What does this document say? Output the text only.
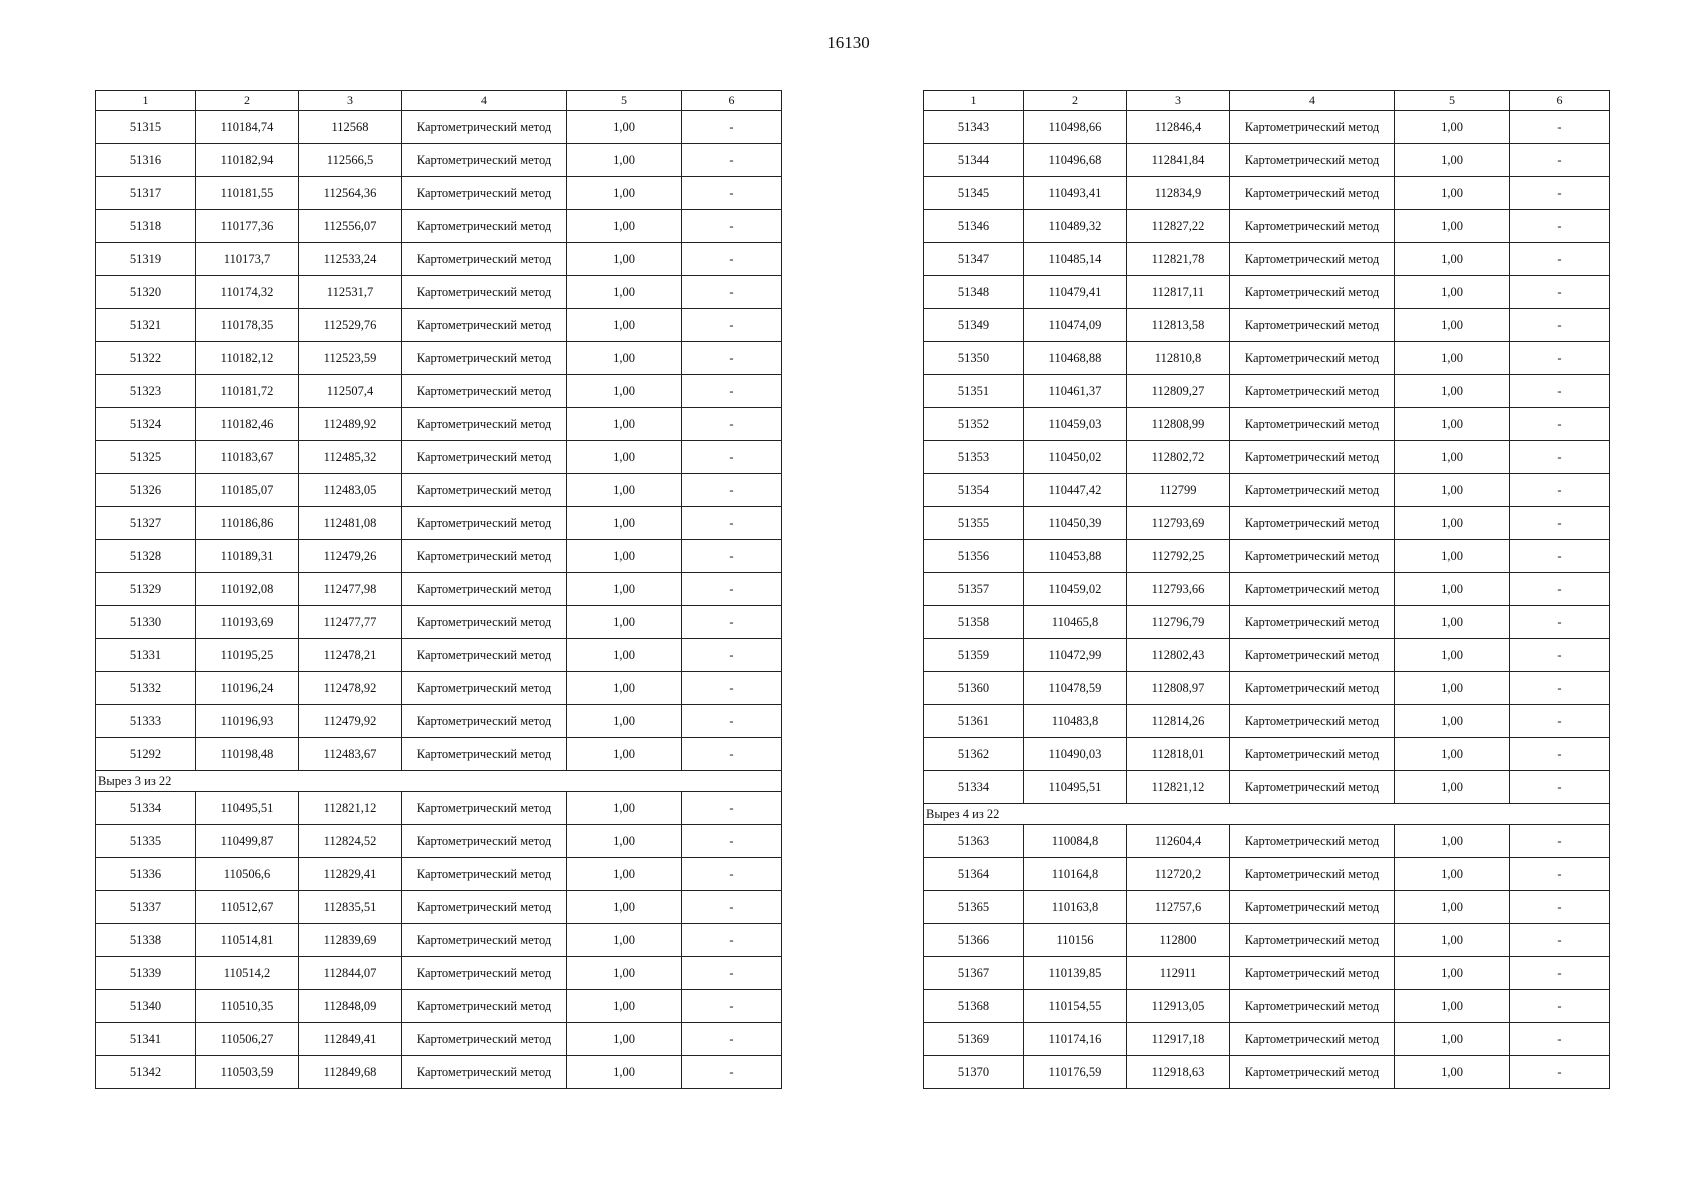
16130
1	2	3	4	5	6
51315	110184,74	112568	Картометрический метод	1,00	-
51316	110182,94	112566,5	Картометрический метод	1,00	-
51317	110181,55	112564,36	Картометрический метод	1,00	-
51318	110177,36	112556,07	Картометрический метод	1,00	-
51319	110173,7	112533,24	Картометрический метод	1,00	-
51320	110174,32	112531,7	Картометрический метод	1,00	-
51321	110178,35	112529,76	Картометрический метод	1,00	-
51322	110182,12	112523,59	Картометрический метод	1,00	-
51323	110181,72	112507,4	Картометрический метод	1,00	-
51324	110182,46	112489,92	Картометрический метод	1,00	-
51325	110183,67	112485,32	Картометрический метод	1,00	-
51326	110185,07	112483,05	Картометрический метод	1,00	-
51327	110186,86	112481,08	Картометрический метод	1,00	-
51328	110189,31	112479,26	Картометрический метод	1,00	-
51329	110192,08	112477,98	Картометрический метод	1,00	-
51330	110193,69	112477,77	Картометрический метод	1,00	-
51331	110195,25	112478,21	Картометрический метод	1,00	-
51332	110196,24	112478,92	Картометрический метод	1,00	-
51333	110196,93	112479,92	Картометрический метод	1,00	-
51292	110198,48	112483,67	Картометрический метод	1,00	-
Вырез 3 из 22					
51334	110495,51	112821,12	Картометрический метод	1,00	-
51335	110499,87	112824,52	Картометрический метод	1,00	-
51336	110506,6	112829,41	Картометрический метод	1,00	-
51337	110512,67	112835,51	Картометрический метод	1,00	-
51338	110514,81	112839,69	Картометрический метод	1,00	-
51339	110514,2	112844,07	Картометрический метод	1,00	-
51340	110510,35	112848,09	Картометрический метод	1,00	-
51341	110506,27	112849,41	Картометрический метод	1,00	-
51342	110503,59	112849,68	Картометрический метод	1,00	-
1	2	3	4	5	6
51343	110498,66	112846,4	Картометрический метод	1,00	-
51344	110496,68	112841,84	Картометрический метод	1,00	-
51345	110493,41	112834,9	Картометрический метод	1,00	-
51346	110489,32	112827,22	Картометрический метод	1,00	-
51347	110485,14	112821,78	Картометрический метод	1,00	-
51348	110479,41	112817,11	Картометрический метод	1,00	-
51349	110474,09	112813,58	Картометрический метод	1,00	-
51350	110468,88	112810,8	Картометрический метод	1,00	-
51351	110461,37	112809,27	Картометрический метод	1,00	-
51352	110459,03	112808,99	Картометрический метод	1,00	-
51353	110450,02	112802,72	Картометрический метод	1,00	-
51354	110447,42	112799	Картометрический метод	1,00	-
51355	110450,39	112793,69	Картометрический метод	1,00	-
51356	110453,88	112792,25	Картометрический метод	1,00	-
51357	110459,02	112793,66	Картометрический метод	1,00	-
51358	110465,8	112796,79	Картометрический метод	1,00	-
51359	110472,99	112802,43	Картометрический метод	1,00	-
51360	110478,59	112808,97	Картометрический метод	1,00	-
51361	110483,8	112814,26	Картометрический метод	1,00	-
51362	110490,03	112818,01	Картометрический метод	1,00	-
51334	110495,51	112821,12	Картометрический метод	1,00	-
Вырез 4 из 22					
51363	110084,8	112604,4	Картометрический метод	1,00	-
51364	110164,8	112720,2	Картометрический метод	1,00	-
51365	110163,8	112757,6	Картометрический метод	1,00	-
51366	110156	112800	Картометрический метод	1,00	-
51367	110139,85	112911	Картометрический метод	1,00	-
51368	110154,55	112913,05	Картометрический метод	1,00	-
51369	110174,16	112917,18	Картометрический метод	1,00	-
51370	110176,59	112918,63	Картометрический метод	1,00	-
